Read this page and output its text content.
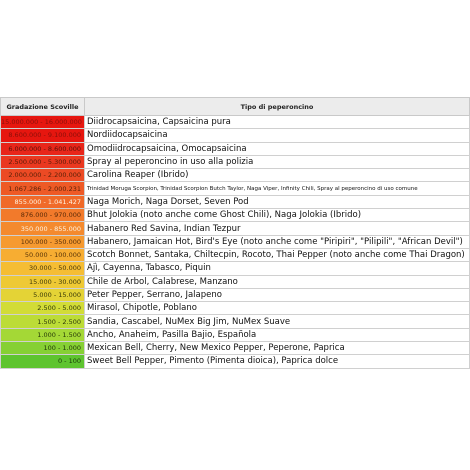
Gradazione Scoville	Tipo di peperoncino
15.000.000 - 16.000.000	Diidrocapsaicina, Capsaicina pura
8.600.000 - 9.100.000	Nordiidocapsaicina
6.000.000 - 8.600.000	Omodiidrocapsaicina, Omocapsaicina
2.500.000 - 5.300.000	Spray al peperoncino in uso alla polizia
2.000.000 - 2.200.000	Carolina Reaper (Ibrido)
1.067.286 - 2.000.231	Trinidad Moruga Scorpion, Trinidad Scorpion Butch Taylor, Naga Viper, Infinity Chili, Spray al peperoncino di uso comune
855.000 - 1.041.427	Naga Morich, Naga Dorset, Seven Pod
876.000 - 970.000	Bhut Jolokia (noto anche come Ghost Chili), Naga Jolokia (Ibrido)
350.000 - 855.000	Habanero Red Savina, Indian Tezpur
100.000 - 350.000	Habanero, Jamaican Hot, Bird's Eye (noto anche come "Piripiri", "Pilipili", "African Devil")
50.000 - 100.000	Scotch Bonnet, Santaka, Chiltecpin, Rocoto, Thai Pepper (noto anche come Thai Dragon)
30.000 - 50.000	Ajì, Cayenna, Tabasco, Piquin
15.000 - 30.000	Chile de Arbol, Calabrese, Manzano
5.000 - 15.000	Peter Pepper, Serrano, Jalapeno
2.500 - 5.000	Mirasol, Chipotle, Poblano
1.500 - 2.500	Sandia, Cascabel, NuMex Big Jim, NuMex Suave
1.000 - 1.500	Ancho, Anaheim, Pasilla Bajio, Española
100 - 1.000	Mexican Bell, Cherry, New Mexico Pepper, Peperone, Paprica
0 - 100	Sweet Bell Pepper, Pimento (Pimenta dioica), Paprica dolce
